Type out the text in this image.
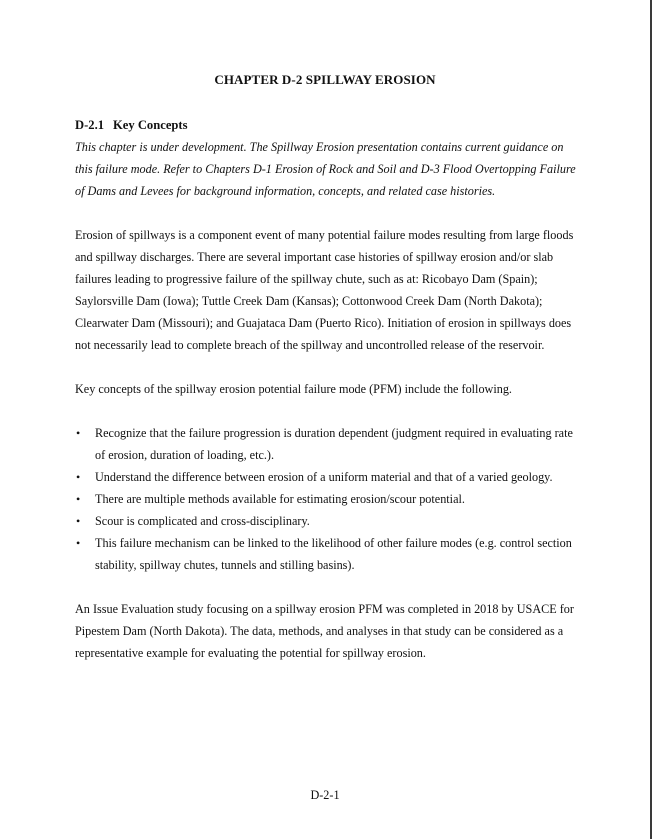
CHAPTER D-2 SPILLWAY EROSION
D-2.1 Key Concepts

This chapter is under development. The Spillway Erosion presentation contains current guidance on this failure mode. Refer to Chapters D-1 Erosion of Rock and Soil and D-3 Flood Overtopping Failure of Dams and Levees for background information, concepts, and related case histories.

Erosion of spillways is a component event of many potential failure modes resulting from large floods and spillway discharges. There are several important case histories of spillway erosion and/or slab failures leading to progressive failure of the spillway chute, such as at: Ricobayo Dam (Spain); Saylorsville Dam (Iowa); Tuttle Creek Dam (Kansas); Cottonwood Creek Dam (North Dakota); Clearwater Dam (Missouri); and Guajataca Dam (Puerto Rico). Initiation of erosion in spillways does not necessarily lead to complete breach of the spillway and uncontrolled release of the reservoir.

Key concepts of the spillway erosion potential failure mode (PFM) include the following.

• Recognize that the failure progression is duration dependent (judgment required in evaluating rate of erosion, duration of loading, etc.).
• Understand the difference between erosion of a uniform material and that of a varied geology.
• There are multiple methods available for estimating erosion/scour potential.
• Scour is complicated and cross-disciplinary.
• This failure mechanism can be linked to the likelihood of other failure modes (e.g. control section stability, spillway chutes, tunnels and stilling basins).

An Issue Evaluation study focusing on a spillway erosion PFM was completed in 2018 by USACE for Pipestem Dam (North Dakota). The data, methods, and analyses in that study can be considered as a representative example for evaluating the potential for spillway erosion.

D-2-1
